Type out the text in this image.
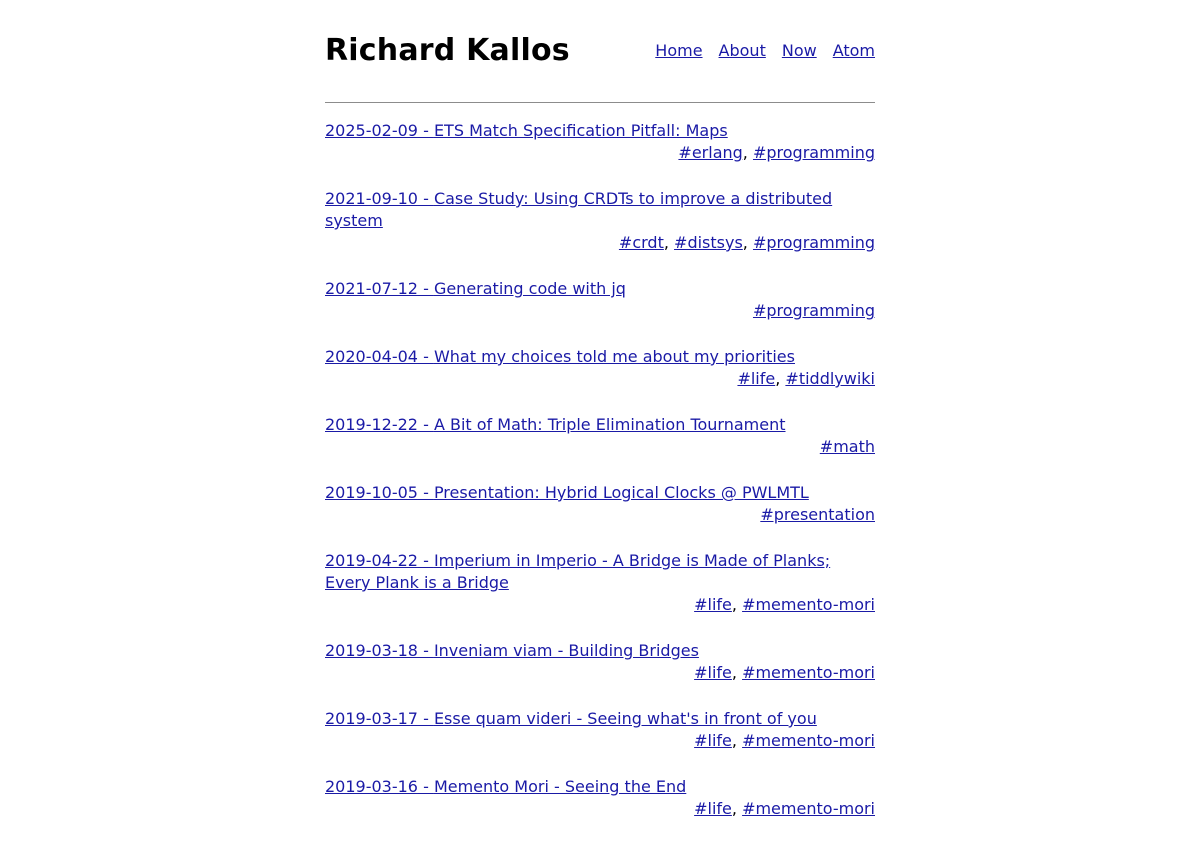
Richard Kallos	Home About Now Atom
2025-02-09 - ETS Match Specification Pitfall: Maps
#erlang, #programming
2021-09-10 - Case Study: Using CRDTs to improve a distributed system
#crdt, #distsys, #programming
2021-07-12 - Generating code with jq
#programming
2020-04-04 - What my choices told me about my priorities
#life, #tiddlywiki
2019-12-22 - A Bit of Math: Triple Elimination Tournament
#math
2019-10-05 - Presentation: Hybrid Logical Clocks @ PWLMTL
#presentation
2019-04-22 - Imperium in Imperio - A Bridge is Made of Planks; Every Plank is a Bridge
#life, #memento-mori
2019-03-18 - Inveniam viam - Building Bridges
#life, #memento-mori
2019-03-17 - Esse quam videri - Seeing what's in front of you
#life, #memento-mori
2019-03-16 - Memento Mori - Seeing the End
#life, #memento-mori
